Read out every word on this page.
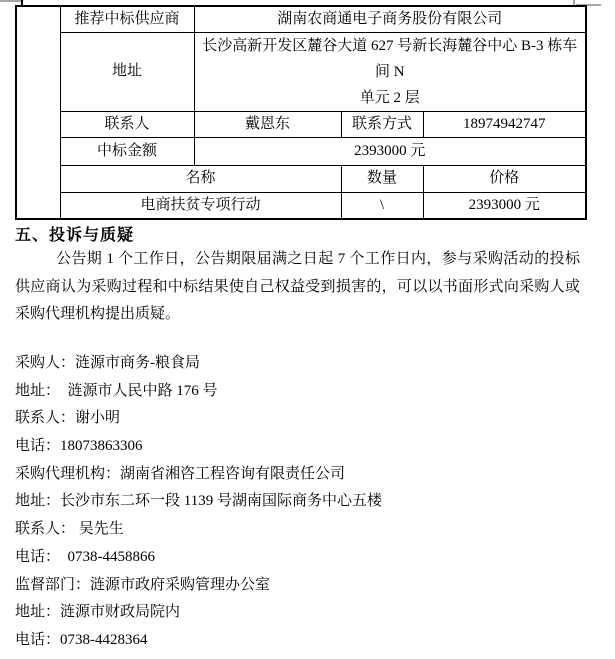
	推荐中标供应商	湖南农商通电子商务股份有限公司		
	地址	长沙高新开发区麓谷大道 627 号新长海麓谷中心 B-3 栋车间 N
单元 2 层		

	联系人	戴恩东	联系方式	18974942747
	中标金额	2393000 元		
	名称		数量	价格
	电商扶贫专项行动		\	2393000 元
五、投诉与质疑
公告期 1 个工作日，公告期限届满之日起 7 个工作日内，参与采购活动的投标供应商认为采购过程和中标结果使自己权益受到损害的，可以以书面形式向采购人或采购代理机构提出质疑。
采购人：涟源市商务-粮食局
地址：  涟源市人民中路 176 号
联系人：谢小明
电话：18073863306
采购代理机构：湖南省湘咨工程咨询有限责任公司
地址：长沙市东二环一段 1139 号湖南国际商务中心五楼
联系人： 吴先生
电话：  0738-4458866
监督部门：涟源市政府采购管理办公室
地址：涟源市财政局院内
电话：0738-4428364
